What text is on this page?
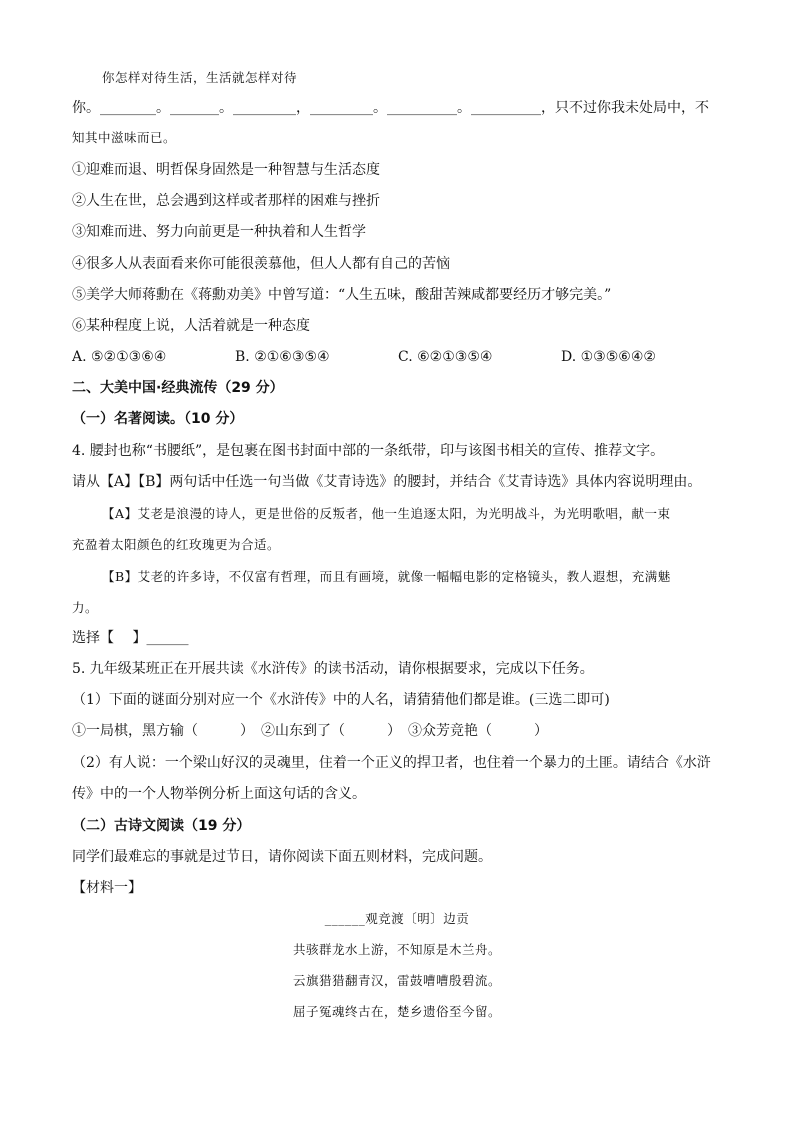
你怎样对待生活，生活就怎样对待
你。________。_______。_________，_________。__________。__________，只不过你我未处局中，不
知其中滋味而已。
①迎难而退、明哲保身固然是一种智慧与生活态度
②人生在世，总会遇到这样或者那样的困难与挫折
③知难而进、努力向前更是一种执着和人生哲学
④很多人从表面看来你可能很羡慕他，但人人都有自己的苦恼
⑤美学大师蒋勳在《蒋勳劝美》中曾写道：“人生五味，酸甜苦辣咸都要经历才够完美。”
⑥某种程度上说，人活着就是一种态度
A. ⑤②①③⑥④	B. ②①⑥③⑤④	C. ⑥②①③⑤④	D. ①③⑤⑥④②
二、大美中国·经典流传（29 分）
（一）名著阅读。（10 分）
4. 腰封也称“书腰纸”，是包裹在图书封面中部的一条纸带，印与该图书相关的宣传、推荐文字。
请从【A】【B】两句话中任选一句当做《艾青诗选》的腰封，并结合《艾青诗选》具体内容说明理由。
【A】艾老是浪漫的诗人，更是世俗的反叛者，他一生追逐太阳，为光明战斗，为光明歌唱，献一束
充盈着太阳颜色的红玫瑰更为合适。
【B】艾老的许多诗，不仅富有哲理，而且有画境，就像一幅幅电影的定格镜头，教人遐想，充满魅
力。
选择【　 】______
5. 九年级某班正在开展共读《水浒传》的读书活动，请你根据要求，完成以下任务。
（1）下面的谜面分别对应一个《水浒传》中的人名，请猜猜他们都是谁。(三选二即可)
①一局棋，黑方输（　　　）　②山东到了（　　　）　③众芳竞艳（　　　）
（2）有人说：一个梁山好汉的灵魂里，住着一个正义的捍卫者，也住着一个暴力的土匪。请结合《水浒
传》中的一个人物举例分析上面这句话的含义。
（二）古诗文阅读（19 分）
同学们最难忘的事就是过节日，请你阅读下面五则材料，完成问题。
【材料一】
______观竞渡〔明〕边贡
共骇群龙水上游，不知原是木兰舟。
云旗猎猎翻青汉，雷鼓嘈嘈殷碧流。
屈子冤魂终古在，楚乡遗俗至今留。
